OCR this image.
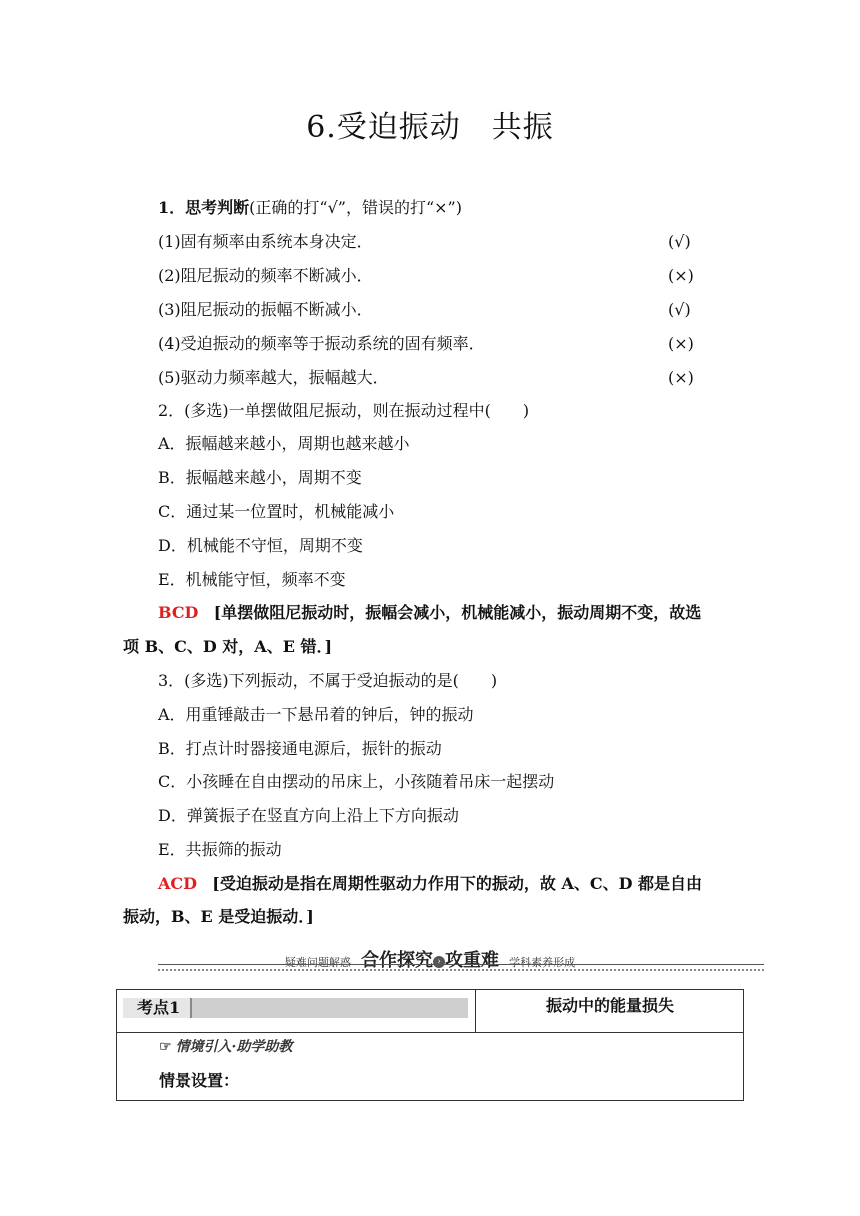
6.受迫振动　共振
1．思考判断(正确的打“√”，错误的打“×”)
(1)固有频率由系统本身决定．	(√)
(2)阻尼振动的频率不断减小．	(×)
(3)阻尼振动的振幅不断减小．	(√)
(4)受迫振动的频率等于振动系统的固有频率．	(×)
(5)驱动力频率越大，振幅越大．	(×)
2．(多选)一单摆做阻尼振动，则在振动过程中(　　)
A．振幅越来越小，周期也越来越小
B．振幅越来越小，周期不变
C．通过某一位置时，机械能减小
D．机械能不守恒，周期不变
E．机械能守恒，频率不变
BCD [单摆做阻尼振动时，振幅会减小，机械能减小，振动周期不变，故选
项 B、C、D 对，A、E 错．]
3．(多选)下列振动，不属于受迫振动的是(　　)
A．用重锤敲击一下悬吊着的钟后，钟的振动
B．打点计时器接通电源后，振针的振动
C．小孩睡在自由摆动的吊床上，小孩随着吊床一起摆动
D．弹簧振子在竖直方向上沿上下方向振动
E．共振筛的振动
ACD [受迫振动是指在周期性驱动力作用下的振动，故 A、C、D 都是自由
振动，B、E 是受迫振动．]
疑难问题解惑 合作探究 › 攻重难 学科素养形成
考点1	振动中的能量损失
☞ 情境引入·助学助教
情景设置：
